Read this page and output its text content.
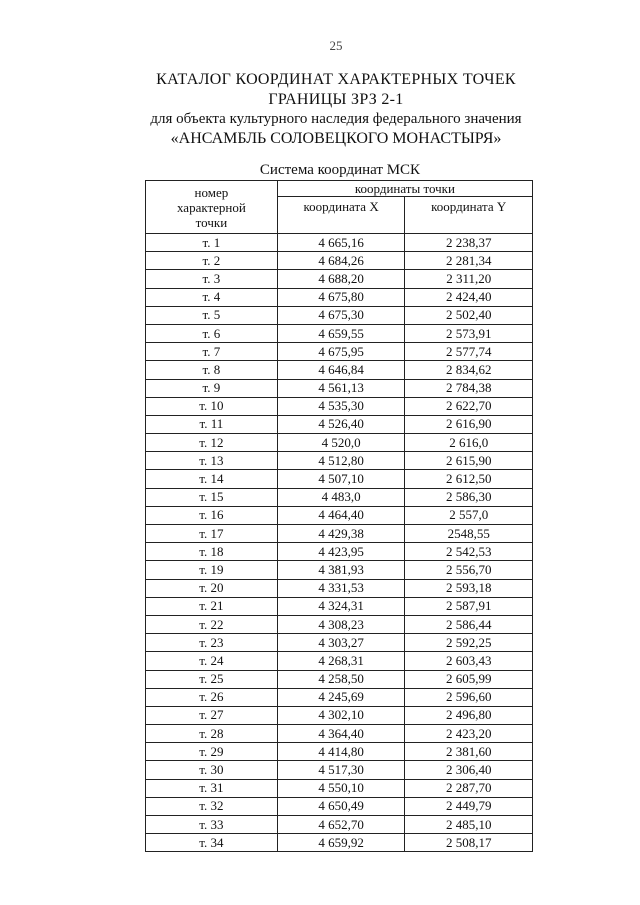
25
КАТАЛОГ КООРДИНАТ ХАРАКТЕРНЫХ ТОЧЕК
ГРАНИЦЫ ЗРЗ 2-1
для объекта культурного наследия федерального значения
«АНСАМБЛЬ СОЛОВЕЦКОГО МОНАСТЫРЯ»
Система координат МСК
номер характерной точки	координаты точки	
	координата X	координата Y
т. 1	4 665,16	2 238,37
т. 2	4 684,26	2 281,34
т. 3	4 688,20	2 311,20
т. 4	4 675,80	2 424,40
т. 5	4 675,30	2 502,40
т. 6	4 659,55	2 573,91
т. 7	4 675,95	2 577,74
т. 8	4 646,84	2 834,62
т. 9	4 561,13	2 784,38
т. 10	4 535,30	2 622,70
т. 11	4 526,40	2 616,90
т. 12	4 520,0	2 616,0
т. 13	4 512,80	2 615,90
т. 14	4 507,10	2 612,50
т. 15	4 483,0	2 586,30
т. 16	4 464,40	2 557,0
т. 17	4 429,38	2548,55
т. 18	4 423,95	2 542,53
т. 19	4 381,93	2 556,70
т. 20	4 331,53	2 593,18
т. 21	4 324,31	2 587,91
т. 22	4 308,23	2 586,44
т. 23	4 303,27	2 592,25
т. 24	4 268,31	2 603,43
т. 25	4 258,50	2 605,99
т. 26	4 245,69	2 596,60
т. 27	4 302,10	2 496,80
т. 28	4 364,40	2 423,20
т. 29	4 414,80	2 381,60
т. 30	4 517,30	2 306,40
т. 31	4 550,10	2 287,70
т. 32	4 650,49	2 449,79
т. 33	4 652,70	2 485,10
т. 34	4 659,92	2 508,17
